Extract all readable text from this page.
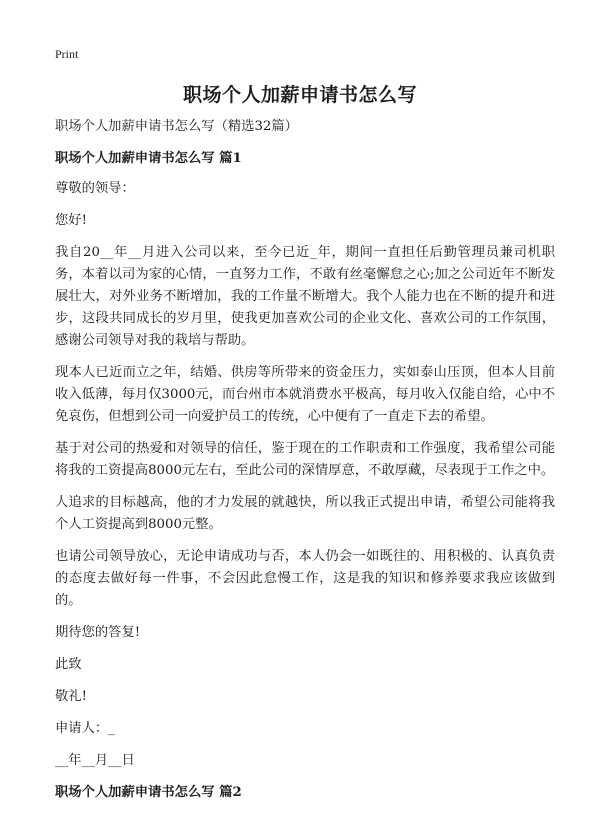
Print
职场个人加薪申请书怎么写

职场个人加薪申请书怎么写（精选32篇）

职场个人加薪申请书怎么写 篇1

尊敬的领导：

您好!

我自20__年__月进入公司以来，至今已近_年，期间一直担任后勤管理员兼司机职务，本着以司为家的心情，一直努力工作，不敢有丝毫懈怠之心;加之公司近年不断发展壮大，对外业务不断增加，我的工作量不断增大。我个人能力也在不断的提升和进步，这段共同成长的岁月里，使我更加喜欢公司的企业文化、喜欢公司的工作氛围，感谢公司领导对我的栽培与帮助。

现本人已近而立之年，结婚、供房等所带来的资金压力，实如泰山压顶，但本人目前收入低薄，每月仅3000元，而台州市本就消费水平极高，每月收入仅能自给，心中不免哀伤，但想到公司一向爱护员工的传统，心中便有了一直走下去的希望。

基于对公司的热爱和对领导的信任，鉴于现在的工作职责和工作强度，我希望公司能将我的工资提高8000元左右，至此公司的深情厚意，不敢厚藏，尽表现于工作之中。

人追求的目标越高，他的才力发展的就越快，所以我正式提出申请，希望公司能将我个人工资提高到8000元整。

也请公司领导放心，无论申请成功与否，本人仍会一如既往的、用积极的、认真负责的态度去做好每一件事，不会因此怠慢工作，这是我的知识和修养要求我应该做到的。

期待您的答复!

此致

敬礼!

申请人：_

__年__月__日

职场个人加薪申请书怎么写 篇2
